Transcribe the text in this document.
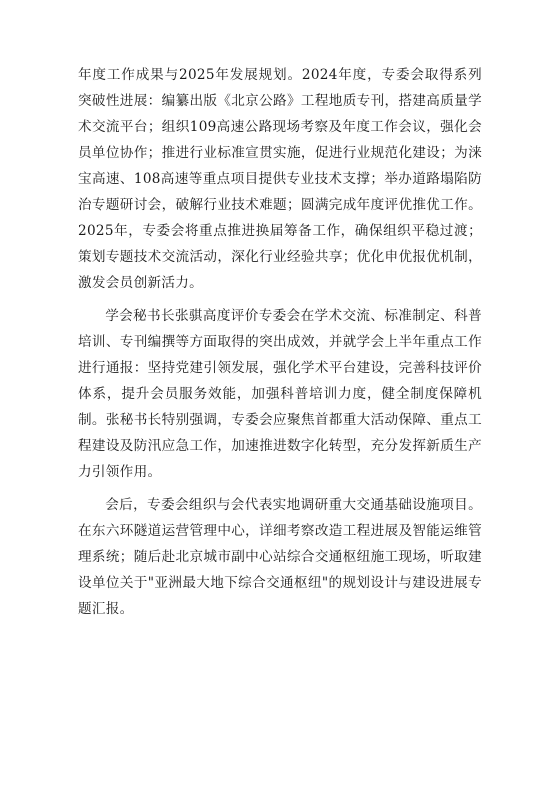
年度工作成果与2025年发展规划。2024年度，专委会取得系列突破性进展：编纂出版《北京公路》工程地质专刊，搭建高质量学术交流平台；组织109高速公路现场考察及年度工作会议，强化会员单位协作；推进行业标准宣贯实施，促进行业规范化建设；为涞宝高速、108高速等重点项目提供专业技术支撑；举办道路塌陷防治专题研讨会，破解行业技术难题；圆满完成年度评优推优工作。2025年，专委会将重点推进换届筹备工作，确保组织平稳过渡；策划专题技术交流活动，深化行业经验共享；优化申优报优机制，激发会员创新活力。

学会秘书长张骐高度评价专委会在学术交流、标准制定、科普培训、专刊编撰等方面取得的突出成效，并就学会上半年重点工作进行通报：坚持党建引领发展，强化学术平台建设，完善科技评价体系，提升会员服务效能，加强科普培训力度，健全制度保障机制。张秘书长特别强调，专委会应聚焦首都重大活动保障、重点工程建设及防汛应急工作，加速推进数字化转型，充分发挥新质生产力引领作用。

会后，专委会组织与会代表实地调研重大交通基础设施项目。在东六环隧道运营管理中心，详细考察改造工程进展及智能运维管理系统；随后赴北京城市副中心站综合交通枢纽施工现场，听取建设单位关于"亚洲最大地下综合交通枢纽"的规划设计与建设进展专题汇报。
